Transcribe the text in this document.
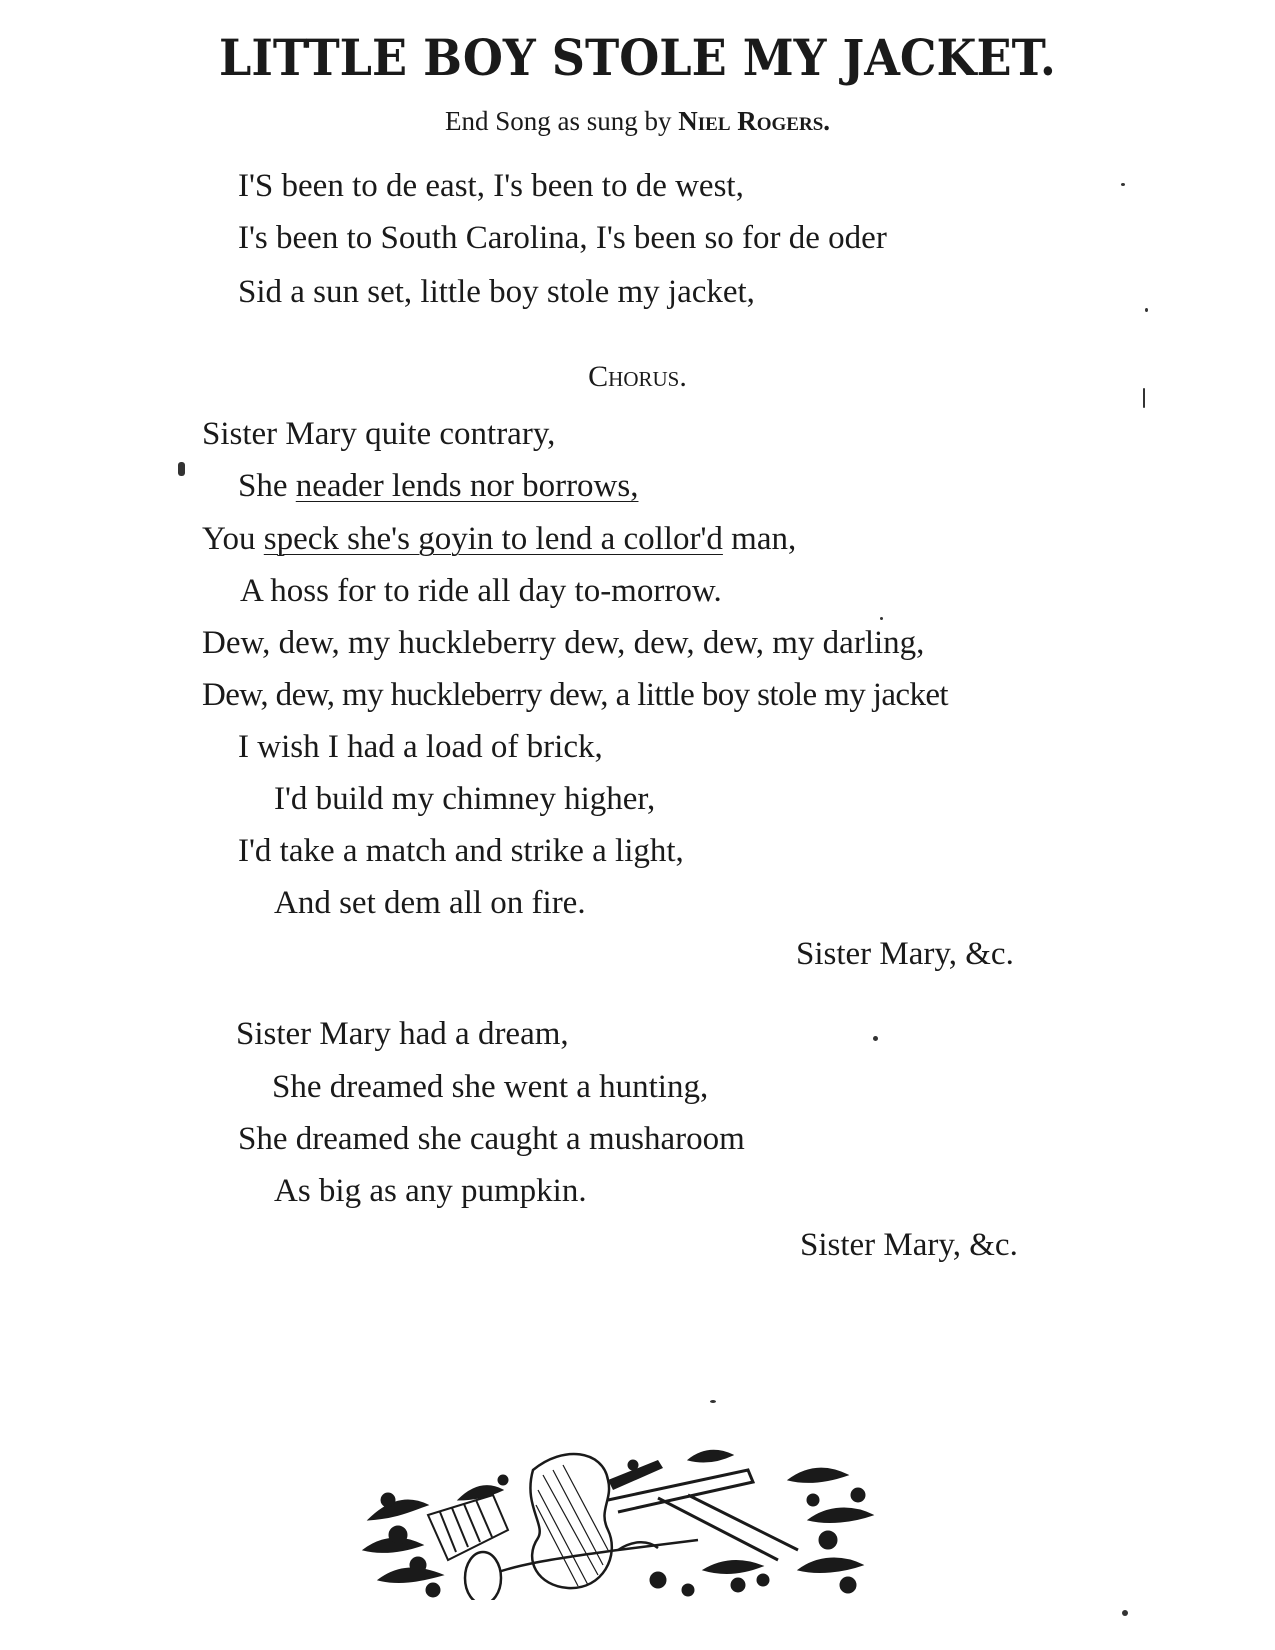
LITTLE BOY STOLE MY JACKET.
End Song as sung by Niel Rogers.
I'S been to de east, I's been to de west,
I's been to South Carolina, I's been so for de oder
Sid a sun set, little boy stole my jacket,
Chorus.
Sister Mary quite contrary,
She neader lends nor borrows,
You speck she's goyin to lend a collor'd man,
A hoss for to ride all day to-morrow.
Dew, dew, my huckleberry dew, dew, dew, my darling,
Dew, dew, my huckleberry dew, a little boy stole my jacket
I wish I had a load of brick,
I'd build my chimney higher,
I'd take a match and strike a light,
And set dem all on fire.
Sister Mary, &c.
Sister Mary had a dream,
She dreamed she went a hunting,
She dreamed she caught a musharoom
As big as any pumpkin.
Sister Mary, &c.
